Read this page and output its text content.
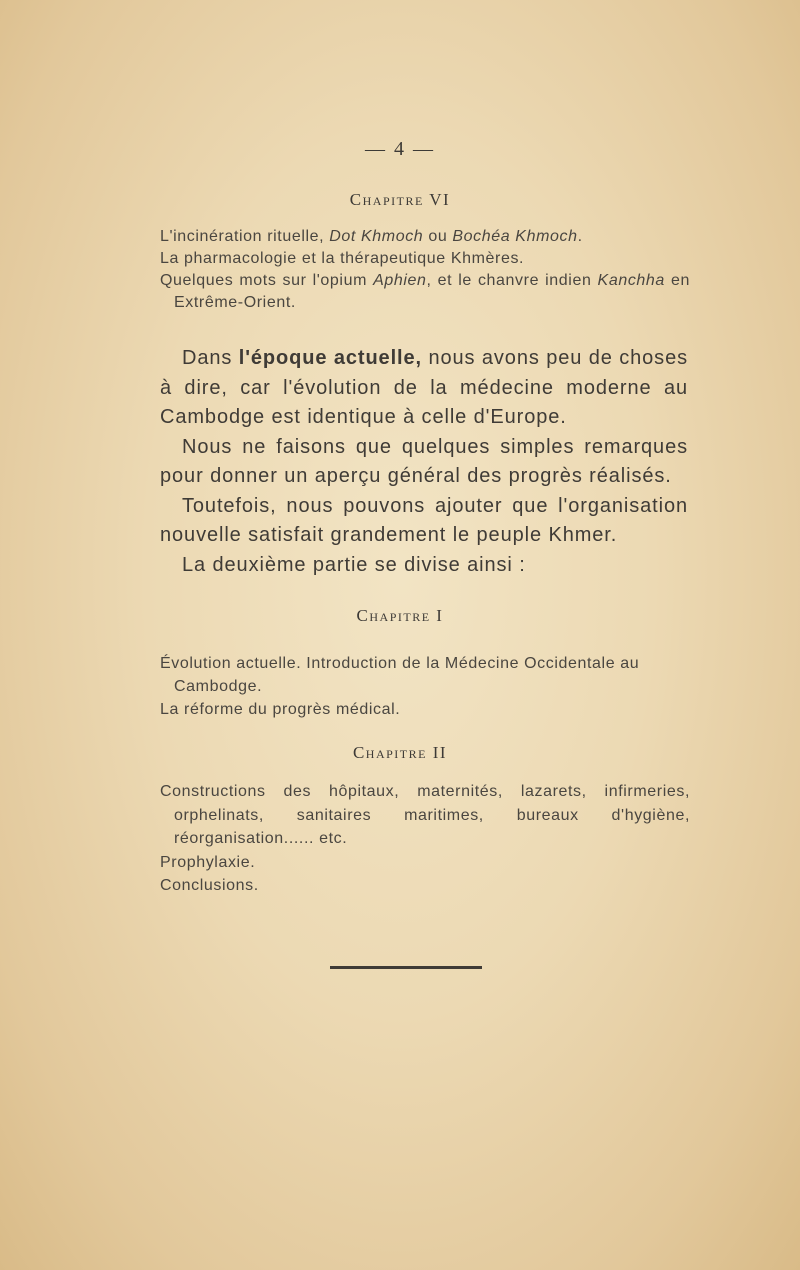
— 4 —
Chapitre VI

L'incinération rituelle, Dot Khmoch ou Bochéa Khmoch.

La pharmacologie et la thérapeutique Khmères.

Quelques mots sur l'opium Aphien, et le chanvre indien Kanchha en Extrême-Orient.

Dans l'époque actuelle, nous avons peu de choses à dire, car l'évolution de la médecine moderne au Cambodge est identique à celle d'Europe.

Nous ne faisons que quelques simples remarques pour donner un aperçu général des progrès réalisés.

Toutefois, nous pouvons ajouter que l'organisation nouvelle satisfait grandement le peuple Khmer.

La deuxième partie se divise ainsi :

Chapitre I

Évolution actuelle. Introduction de la Médecine Occidentale au Cambodge.

La réforme du progrès médical.

Chapitre II

Constructions des hôpitaux, maternités, lazarets, infirmeries, orphelinats, sanitaires maritimes, bureaux d'hygiène, réorganisation...... etc.

Prophylaxie.

Conclusions.
